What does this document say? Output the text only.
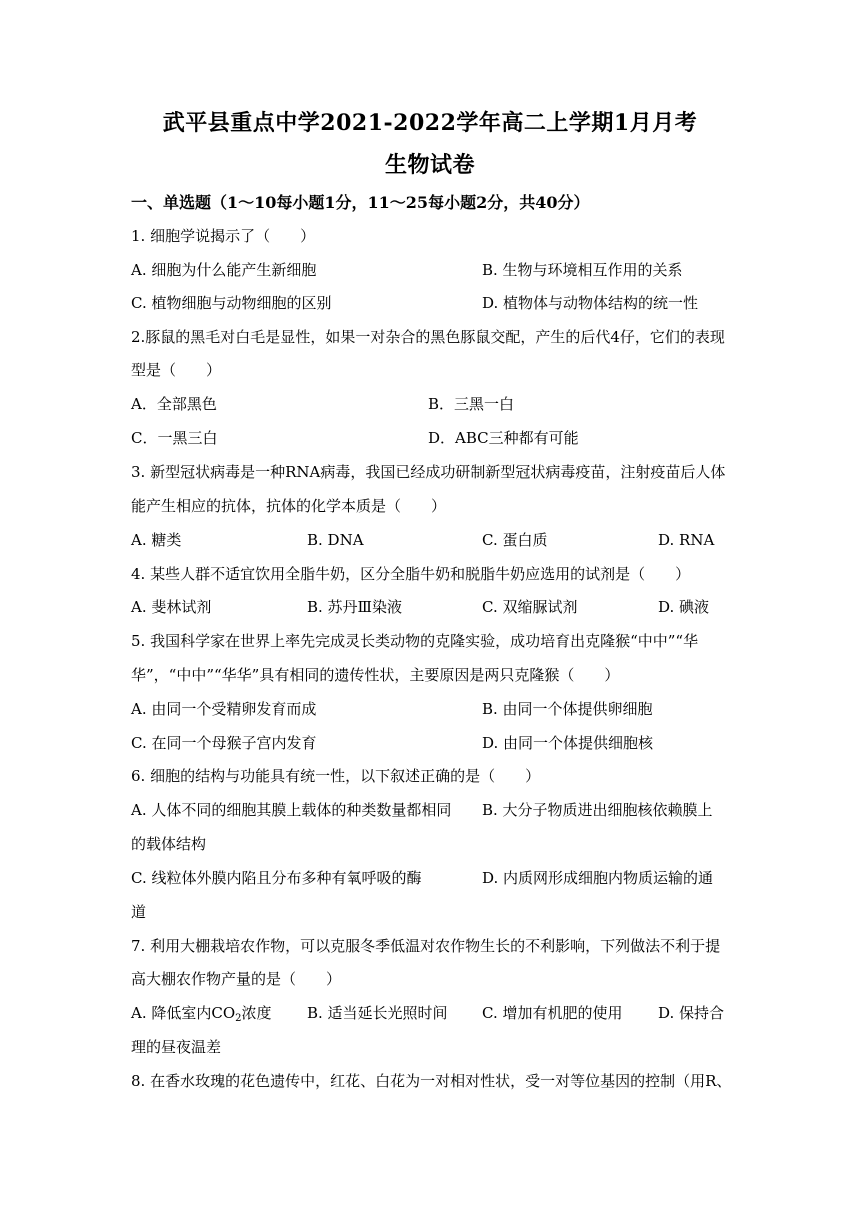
武平县重点中学2021-2022学年高二上学期1月月考
生物试卷
一、单选题（1～10每小题1分，11～25每小题2分，共40分）
1. 细胞学说揭示了（　　）
A. 细胞为什么能产生新细胞	B. 生物与环境相互作用的关系
C. 植物细胞与动物细胞的区别	D. 植物体与动物体结构的统一性
2.豚鼠的黑毛对白毛是显性，如果一对杂合的黑色豚鼠交配，产生的后代4仔，它们的表现
型是（　　）
A．全部黑色	B．三黑一白
C．一黑三白	D．ABC三种都有可能
3. 新型冠状病毒是一种RNA病毒，我国已经成功研制新型冠状病毒疫苗，注射疫苗后人体
能产生相应的抗体，抗体的化学本质是（　　）
A. 糖类	B. DNA	C. 蛋白质	D. RNA
4. 某些人群不适宜饮用全脂牛奶，区分全脂牛奶和脱脂牛奶应选用的试剂是（　　）
A. 斐林试剂	B. 苏丹Ⅲ染液	C. 双缩脲试剂	D. 碘液
5. 我国科学家在世界上率先完成灵长类动物的克隆实验，成功培育出克隆猴“中中”“华
华”，“中中”“华华”具有相同的遗传性状，主要原因是两只克隆猴（　　）
A. 由同一个受精卵发育而成	B. 由同一个体提供卵细胞
C. 在同一个母猴子宫内发育	D. 由同一个体提供细胞核
6. 细胞的结构与功能具有统一性，以下叙述正确的是（　　）
A. 人体不同的细胞其膜上载体的种类数量都相同 B. 大分子物质进出细胞核依赖膜上
的载体结构
C. 线粒体外膜内陷且分布多种有氧呼吸的酶	D. 内质网形成细胞内物质运输的通
道
7. 利用大棚栽培农作物，可以克服冬季低温对农作物生长的不利影响，下列做法不利于提
高大棚农作物产量的是（　　）
A. 降低室内$CO_2$浓度 B. 适当延长光照时间 C. 增加有机肥的使用 D. 保持合
理的昼夜温差
8. 在香水玫瑰的花色遗传中，红花、白花为一对相对性状，受一对等位基因的控制（用R、
